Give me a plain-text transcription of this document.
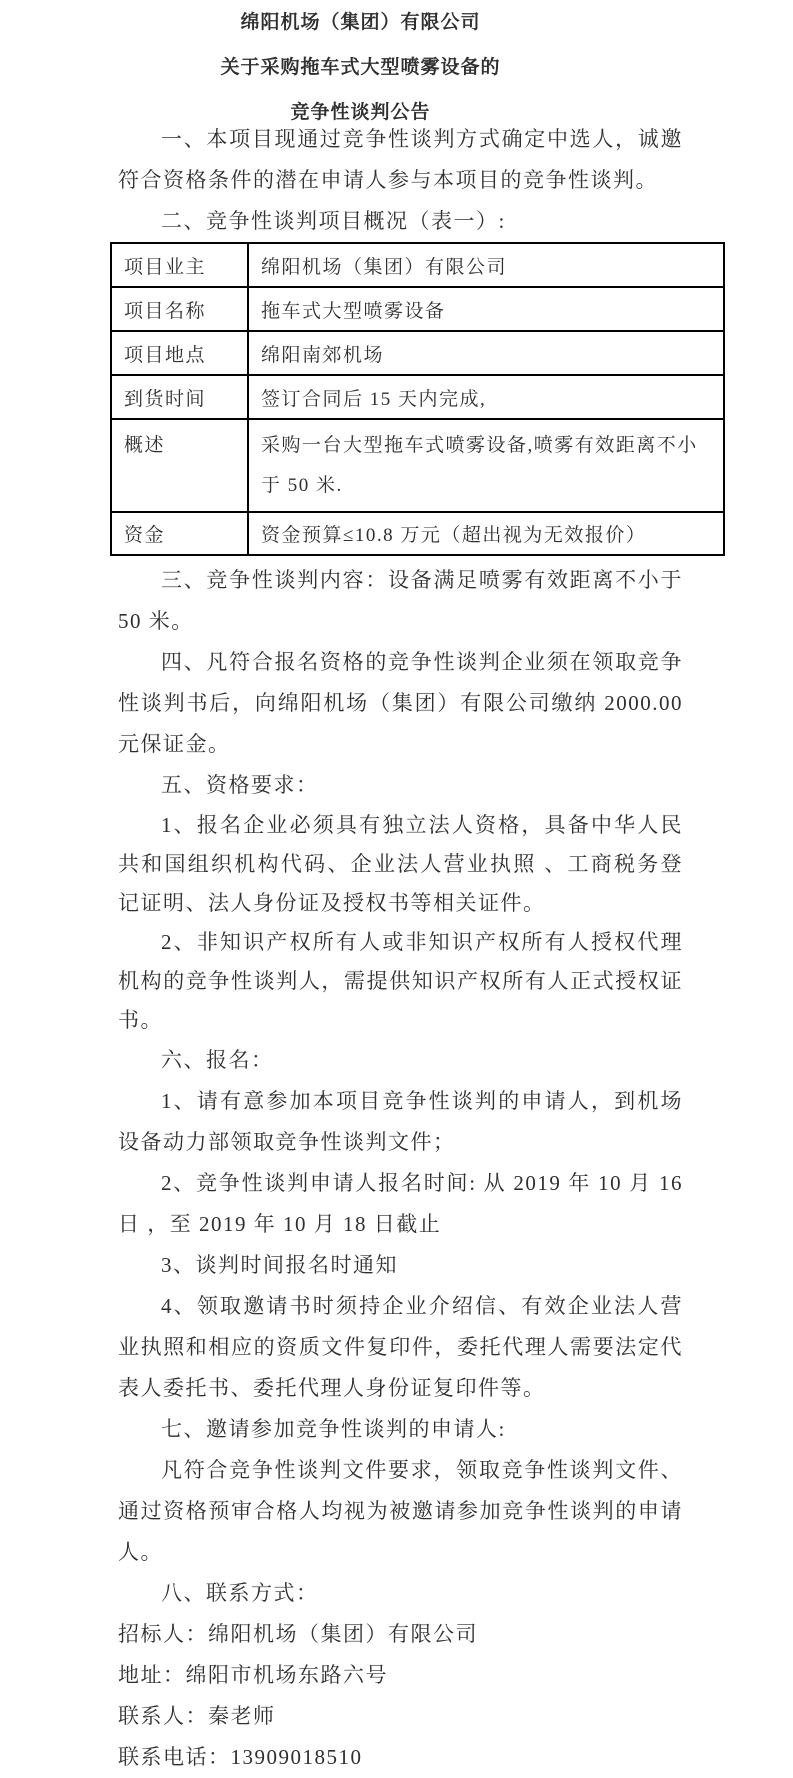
绵阳机场（集团）有限公司
关于采购拖车式大型喷雾设备的
竞争性谈判公告

一、本项目现通过竞争性谈判方式确定中选人，诚邀符合资格条件的潜在申请人参与本项目的竞争性谈判。

二、竞争性谈判项目概况（表一）:

项目业主	绵阳机场（集团）有限公司
项目名称	拖车式大型喷雾设备
项目地点	绵阳南郊机场
到货时间	签订合同后 15 天内完成,
概述	采购一台大型拖车式喷雾设备,喷雾有效距离不小于 50 米.
资金	资金预算≤10.8 万元（超出视为无效报价）

三、竞争性谈判内容：设备满足喷雾有效距离不小于 50 米。

四、凡符合报名资格的竞争性谈判企业须在领取竞争性谈判书后，向绵阳机场（集团）有限公司缴纳 2000.00 元保证金。

五、资格要求：

1、报名企业必须具有独立法人资格，具备中华人民共和国组织机构代码、企业法人营业执照 、工商税务登记证明、法人身份证及授权书等相关证件。

2、非知识产权所有人或非知识产权所有人授权代理机构的竞争性谈判人，需提供知识产权所有人正式授权证书。

六、报名：

1、请有意参加本项目竞争性谈判的申请人，到机场设备动力部领取竞争性谈判文件；

2、竞争性谈判申请人报名时间: 从 2019 年 10 月 16 日 ，至 2019 年 10 月 18 日截止

3、谈判时间报名时通知

4、领取邀请书时须持企业介绍信、有效企业法人营业执照和相应的资质文件复印件，委托代理人需要法定代表人委托书、委托代理人身份证复印件等。

七、邀请参加竞争性谈判的申请人:

凡符合竞争性谈判文件要求，领取竞争性谈判文件、通过资格预审合格人均视为被邀请参加竞争性谈判的申请人。

八、联系方式：

招标人：绵阳机场（集团）有限公司

地址：绵阳市机场东路六号

联系人：秦老师

联系电话：13909018510
